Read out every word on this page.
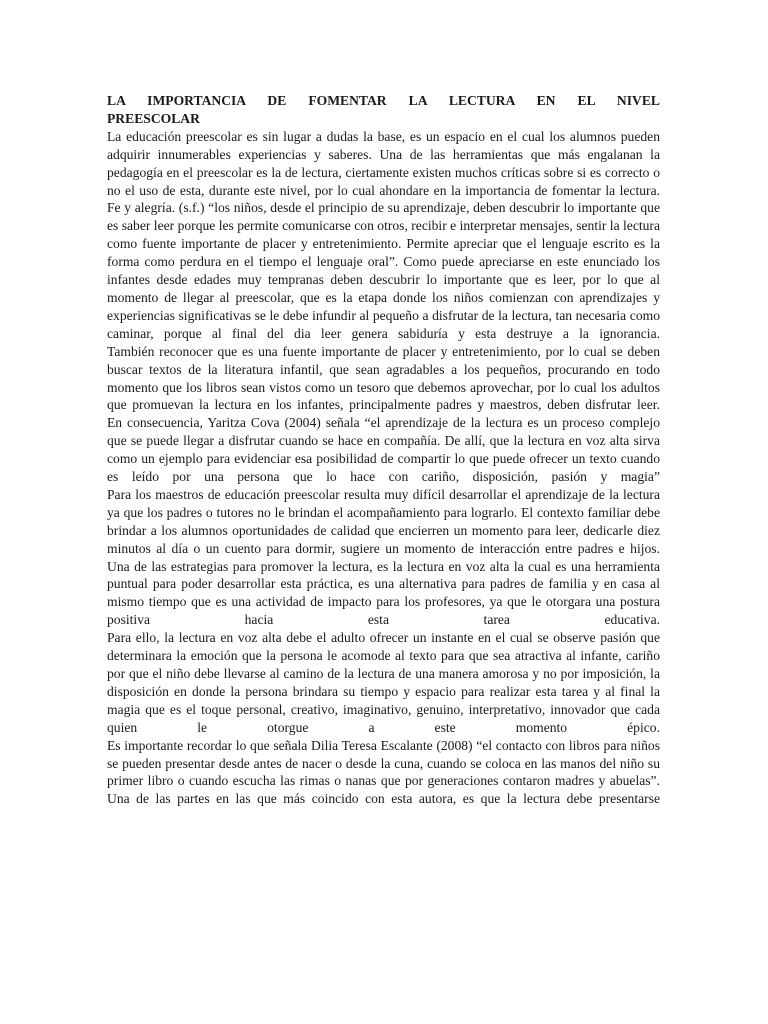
LA IMPORTANCIA DE FOMENTAR LA LECTURA EN EL NIVEL
PREESCOLAR

La educación preescolar es sin lugar a dudas la base, es un espacio en el cual los alumnos pueden adquirir innumerables experiencias y saberes. Una de las herramientas que más engalanan la pedagogía en el preescolar es la de lectura, ciertamente existen muchos críticas sobre si es correcto o no el uso de esta, durante este nivel, por lo cual ahondare en la importancia de fomentar la lectura.

Fe y alegría. (s.f.) “los niños, desde el principio de su aprendizaje, deben descubrir lo importante que es saber leer porque les permite comunicarse con otros, recibir e interpretar mensajes, sentir la lectura como fuente importante de placer y entretenimiento. Permite apreciar que el lenguaje escrito es la forma como perdura en el tiempo el lenguaje oral”. Como puede apreciarse en este enunciado los infantes desde edades muy tempranas deben descubrir lo importante que es leer, por lo que al momento de llegar al preescolar, que es la etapa donde los niños comienzan con aprendizajes y experiencias significativas se le debe infundir al pequeño a disfrutar de la lectura, tan necesaria como caminar, porque al final del dia leer genera sabiduría y esta destruye a la ignorancia.

También reconocer que es una fuente importante de placer y entretenimiento, por lo cual se deben buscar textos de la literatura infantil, que sean agradables a los pequeños, procurando en todo momento que los libros sean vistos como un tesoro que debemos aprovechar, por lo cual los adultos que promuevan la lectura en los infantes, principalmente padres y maestros, deben disfrutar leer.

En consecuencia, Yaritza Cova (2004) señala “el aprendizaje de la lectura es un proceso complejo que se puede llegar a disfrutar cuando se hace en compañía. De allí, que la lectura en voz alta sirva como un ejemplo para evidenciar esa posibilidad de compartir lo que puede ofrecer un texto cuando es leído por una persona que lo hace con cariño, disposición, pasión y magia”

Para los maestros de educación preescolar resulta muy difícil desarrollar el aprendizaje de la lectura ya que los padres o tutores no le brindan el acompañamiento para lograrlo. El contexto familiar debe brindar a los alumnos oportunidades de calidad que encierren un momento para leer, dedicarle diez minutos al día o un cuento para dormir, sugiere un momento de interacción entre padres e hijos.

Una de las estrategias para promover la lectura, es la lectura en voz alta la cual es una herramienta puntual para poder desarrollar esta práctica, es una alternativa para padres de familia y en casa al mismo tiempo que es una actividad de impacto para los profesores, ya que le otorgara una postura positiva hacia esta tarea educativa.

Para ello, la lectura en voz alta debe el adulto ofrecer un instante en el cual se observe pasión que determinara la emoción que la persona le acomode al texto para que sea atractiva al infante, cariño por que el niño debe llevarse al camino de la lectura de una manera amorosa y no por imposición, la disposición en donde la persona brindara su tiempo y espacio para realizar esta tarea y al final la magia que es el toque personal, creativo, imaginativo, genuino, interpretativo, innovador que cada quien le otorgue a este momento épico.

Es importante recordar lo que señala Dilia Teresa Escalante (2008) “el contacto con libros para niños se pueden presentar desde antes de nacer o desde la cuna, cuando se coloca en las manos del niño su primer libro o cuando escucha las rimas o nanas que por generaciones contaron madres y abuelas”.

Una de las partes en las que más coincido con esta autora, es que la lectura debe presentarse
